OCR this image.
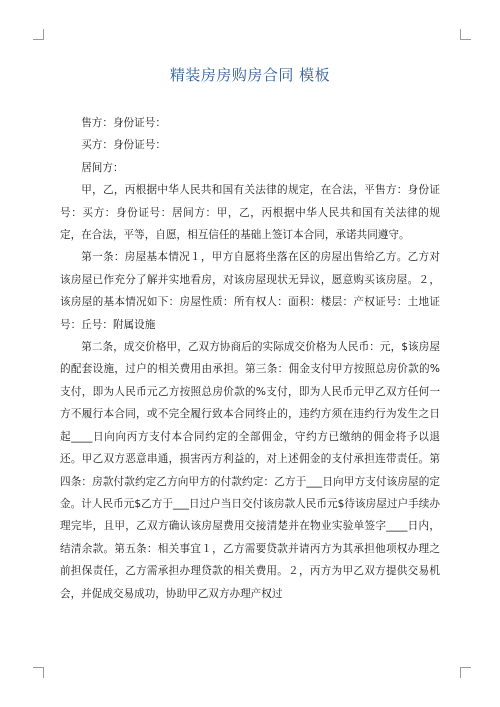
精装房房购房合同 模板

售方：身份证号：

买方：身份证号：

居间方：

甲，乙，丙根据中华人民共和国有关法律的规定，在合法，平售方：身份证号：买方：身份证号：居间方：甲，乙，丙根据中华人民共和国有关法律的规定，在合法，平等，自愿，相互信任的基础上签订本合同，承诺共同遵守。

第一条：房屋基本情况１，甲方自愿将坐落在区的房屋出售给乙方。乙方对该房屋已作充分了解并实地看房，对该房屋现状无异议，愿意购买该房屋。２，该房屋的基本情况如下：房屋性质：所有权人：面积：楼层：产权证号：土地证号：丘号：附属设施

第二条，成交价格甲，乙双方协商后的实际成交价格为人民币：元，$该房屋的配套设施，过户的相关费用由承担。第三条：佣金支付甲方按照总房价款的%支付，即为人民币元乙方按照总房价款的%支付，即为人民币元甲乙双方任何一方不履行本合同，或不完全履行致本合同终止的，违约方须在违约行为发生之日起____日向向丙方支付本合同约定的全部佣金，守约方已缴纳的佣金将予以退还。甲乙双方恶意串通，损害丙方利益的，对上述佣金的支付承担连带责任。第四条：房款付款约定乙方向甲方的付款约定：乙方于___日向甲方支付该房屋的定金。计人民币元$乙方于___日过户当日交付该房款人民币元$待该房屋过户手续办理完毕，且甲，乙双方确认该房屋费用交接清楚并在物业实验单签字____日内，结清余款。第五条：相关事宜１，乙方需要贷款并请丙方为其承担他项权办理之前担保责任，乙方需承担办理贷款的相关费用。２，丙方为甲乙双方提供交易机会，并促成交易成功，协助甲乙双方办理产权过
